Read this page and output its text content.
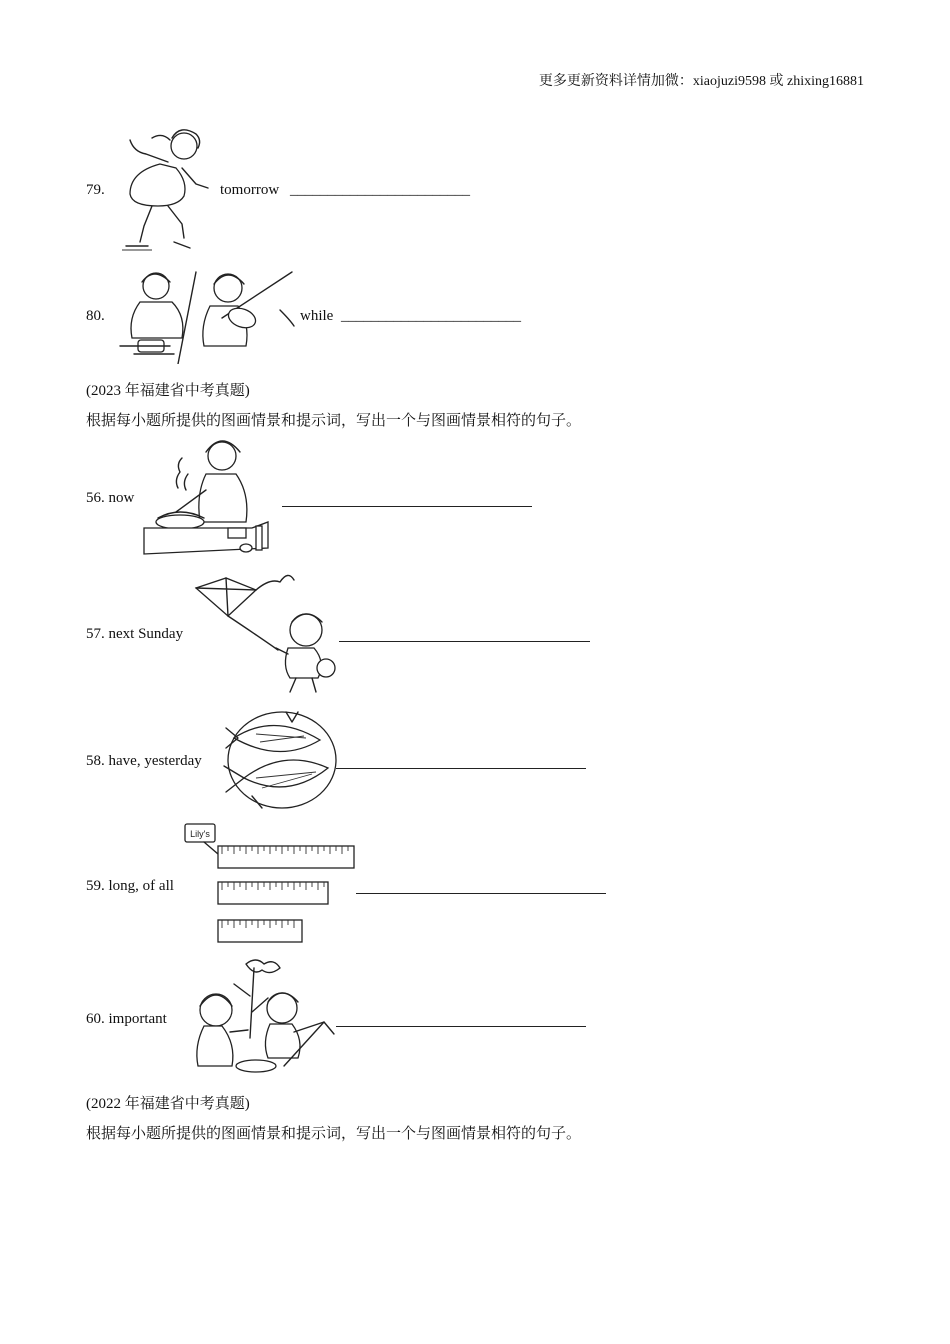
更多更新资料详情加微：xiaojuzi9598 或 zhixing16881
79.	tomorrow ________________________
80.	while ________________________
(2023 年福建省中考真题)
根据每小题所提供的图画情景和提示词，写出一个与图画情景相符的句子。
56. now
57. next Sunday
58. have, yesterday
59. long, of all
Lily's
60. important
(2022 年福建省中考真题)
根据每小题所提供的图画情景和提示词，写出一个与图画情景相符的句子。
